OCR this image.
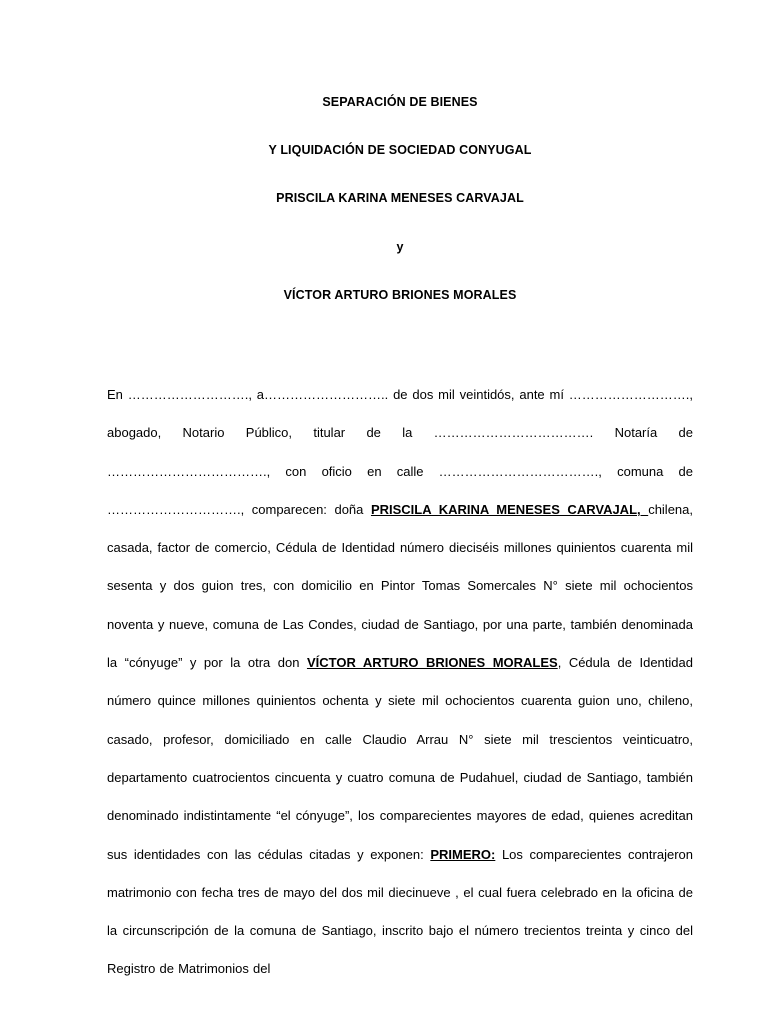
SEPARACIÓN DE BIENES
Y LIQUIDACIÓN DE SOCIEDAD CONYUGAL
PRISCILA KARINA MENESES CARVAJAL
y
VÍCTOR ARTURO BRIONES MORALES
En ………………………., a……………………….. de dos mil veintidós, ante mí ………………………., abogado, Notario Público, titular de la ………………………………. Notaría de ………………………………., con oficio en calle ………………………………., comuna de …………………………., comparecen: doña PRISCILA KARINA MENESES CARVAJAL, chilena, casada, factor de comercio, Cédula de Identidad número dieciséis millones quinientos cuarenta mil sesenta y dos guion tres, con domicilio en Pintor Tomas Somercales N° siete mil ochocientos noventa y nueve, comuna de Las Condes, ciudad de Santiago, por una parte, también denominada la “cónyuge” y por la otra don VÍCTOR ARTURO BRIONES MORALES, Cédula de Identidad número quince millones quinientos ochenta y siete mil ochocientos cuarenta guion uno, chileno, casado, profesor, domiciliado en calle Claudio Arrau N° siete mil trescientos veinticuatro, departamento cuatrocientos cincuenta y cuatro comuna de Pudahuel, ciudad de Santiago, también denominado indistintamente “el cónyuge”, los comparecientes mayores de edad, quienes acreditan sus identidades con las cédulas citadas y exponen: PRIMERO: Los comparecientes contrajeron matrimonio con fecha tres de mayo del dos mil diecinueve , el cual fuera celebrado en la oficina de la circunscripción de la comuna de Santiago, inscrito bajo el número trecientos treinta y cinco del Registro de Matrimonios del
